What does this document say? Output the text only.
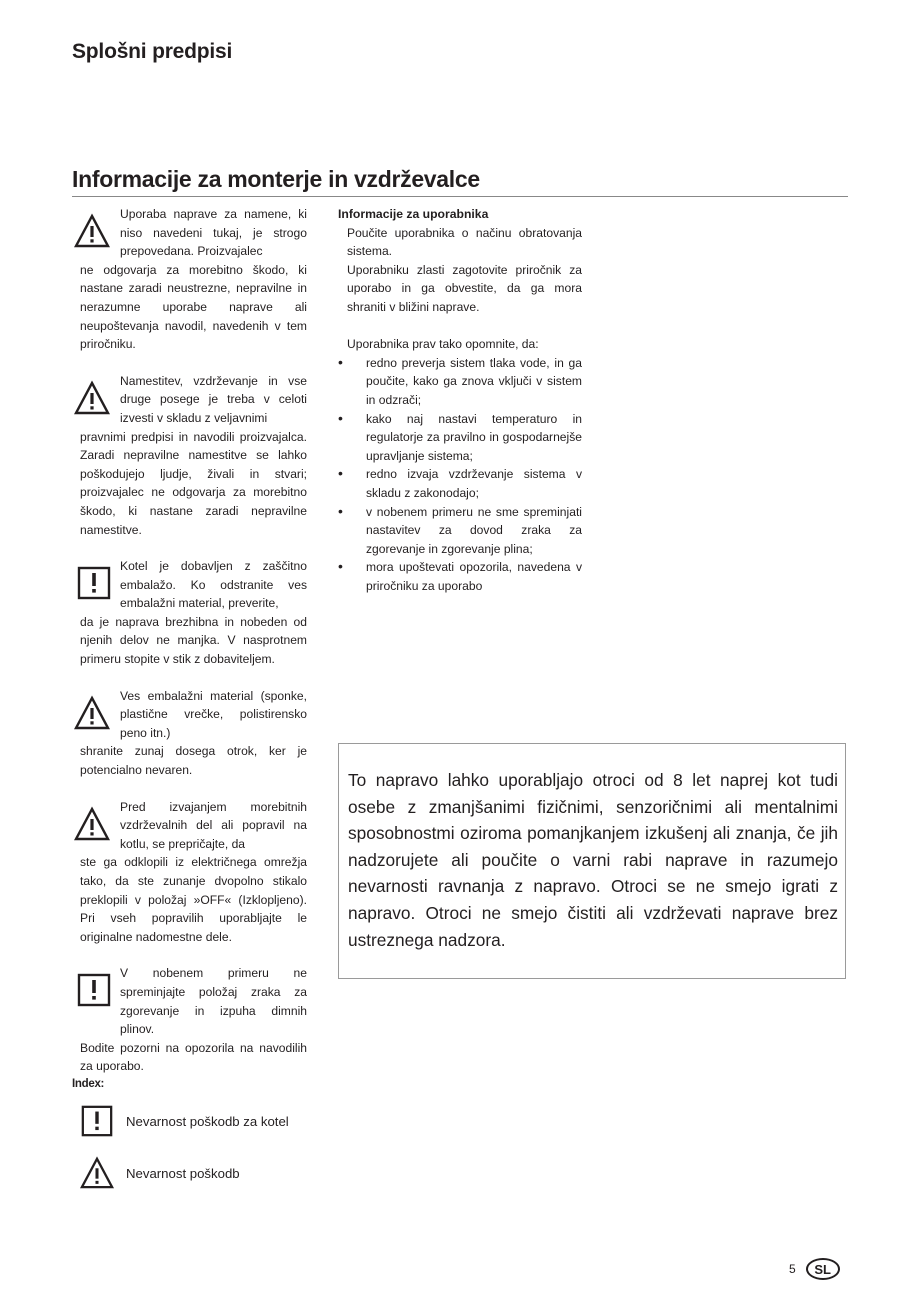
Splošni predpisi
Informacije za monterje in vzdrževalce

Uporaba naprave za namene, ki niso navedeni tukaj, je strogo prepovedana. Proizvajalec

ne odgovarja za morebitno škodo, ki nastane zaradi neustrezne, nepravilne in nerazumne uporabe naprave ali neupoštevanja navodil, navedenih v tem priročniku.

Namestitev, vzdrževanje in vse druge posege je treba v celoti izvesti v skladu z veljavnimi

pravnimi predpisi in navodili proizvajalca. Zaradi nepravilne namestitve se lahko poškodujejo ljudje, živali in stvari; proizvajalec ne odgovarja za morebitno škodo, ki nastane zaradi nepravilne namestitve.

Kotel je dobavljen z zaščitno embalažo. Ko odstranite ves embalažni material, preverite,

da je naprava brezhibna in nobeden od njenih delov ne manjka. V nasprotnem primeru stopite v stik z dobaviteljem.

Ves embalažni material (sponke, plastične vrečke, polistirensko peno itn.)

shranite zunaj dosega otrok, ker je potencialno nevaren.

Pred izvajanjem morebitnih vzdrževalnih del ali popravil na kotlu, se prepričajte, da

ste ga odklopili iz električnega omrežja tako, da ste zunanje dvopolno stikalo preklopili v položaj »OFF« (Izklopljeno). Pri vseh popravilih uporabljajte le originalne nadomestne dele.

V nobenem primeru ne spreminjajte položaj zraka za zgorevanje in izpuha dimnih plinov.

Bodite pozorni na opozorila na navodilih za uporabo.

Index:
Nevarnost poškodb za kotel
Nevarnost poškodb

Informacije za uporabnika

Poučite uporabnika o načinu obratovanja sistema.

Uporabniku zlasti zagotovite priročnik za uporabo in ga obvestite, da ga mora shraniti v bližini naprave.

Uporabnika prav tako opomnite, da:

• redno preverja sistem tlaka vode, in ga poučite, kako ga znova vključi v sistem in odzrači;
• kako naj nastavi temperaturo in regulatorje za pravilno in gospodarnejše upravljanje sistema;
• redno izvaja vzdrževanje sistema v skladu z zakonodajo;
• v nobenem primeru ne sme spreminjati nastavitev za dovod zraka za zgorevanje in zgorevanje plina;
• mora upoštevati opozorila, navedena v priročniku za uporabo

To napravo lahko uporabljajo otroci od 8 let naprej kot tudi osebe z zmanjšanimi fizičnimi, senzoričnimi ali mentalnimi sposobnostmi oziroma pomanjkanjem izkušenj ali znanja, če jih nadzorujete ali poučite o varni rabi naprave in razumejo nevarnosti ravnanja z napravo. Otroci se ne smejo igrati z napravo. Otroci ne smejo čistiti ali vzdrževati naprave brez ustreznega nadzora.

5	SL
